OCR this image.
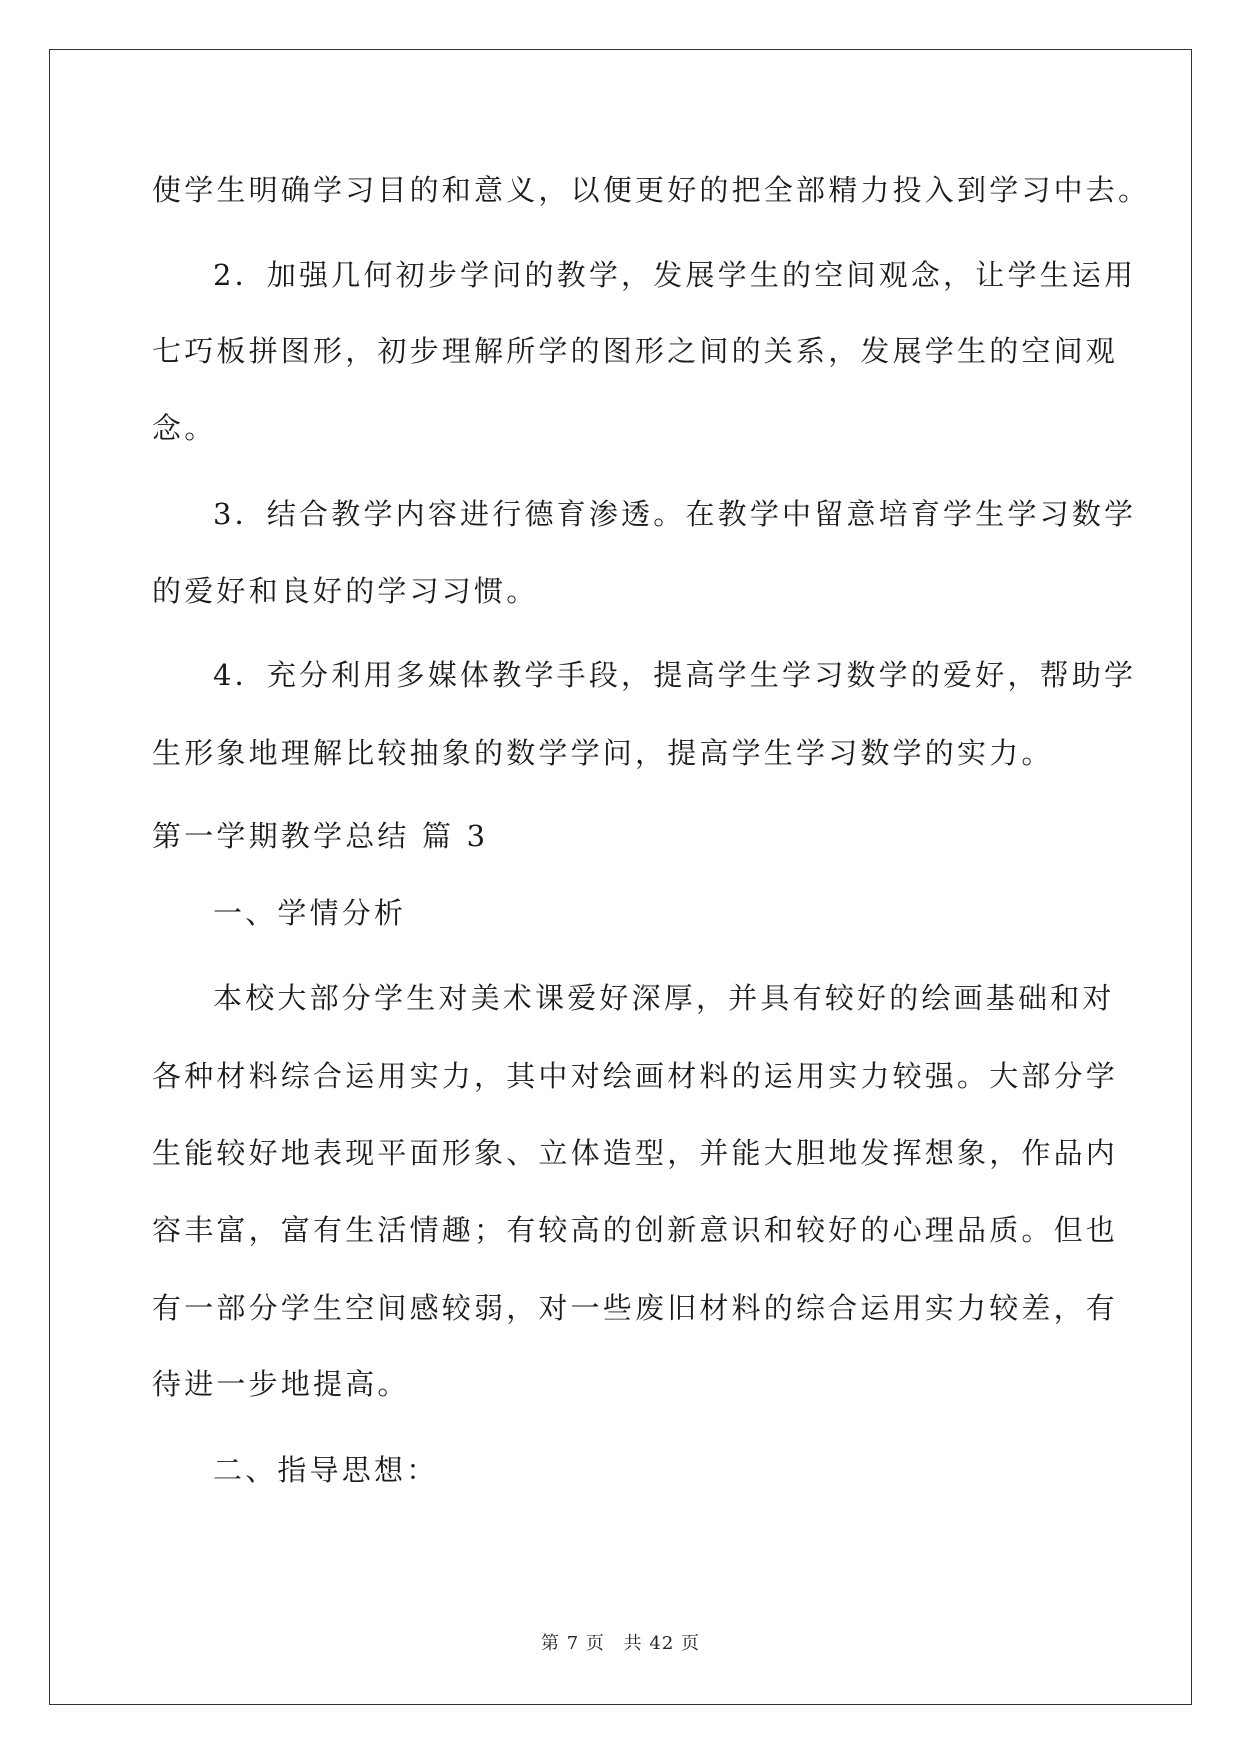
使学生明确学习目的和意义，以便更好的把全部精力投入到学习中去。
2．加强几何初步学问的教学，发展学生的空间观念，让学生运用
七巧板拼图形，初步理解所学的图形之间的关系，发展学生的空间观
念。
3．结合教学内容进行德育渗透。在教学中留意培育学生学习数学
的爱好和良好的学习习惯。
4．充分利用多媒体教学手段，提高学生学习数学的爱好，帮助学
生形象地理解比较抽象的数学学问，提高学生学习数学的实力。
第一学期教学总结 篇 3
一、学情分析
本校大部分学生对美术课爱好深厚，并具有较好的绘画基础和对
各种材料综合运用实力，其中对绘画材料的运用实力较强。大部分学
生能较好地表现平面形象、立体造型，并能大胆地发挥想象，作品内
容丰富，富有生活情趣；有较高的创新意识和较好的心理品质。但也
有一部分学生空间感较弱，对一些废旧材料的综合运用实力较差，有
待进一步地提高。
二、指导思想：
第 7 页 共 42 页
